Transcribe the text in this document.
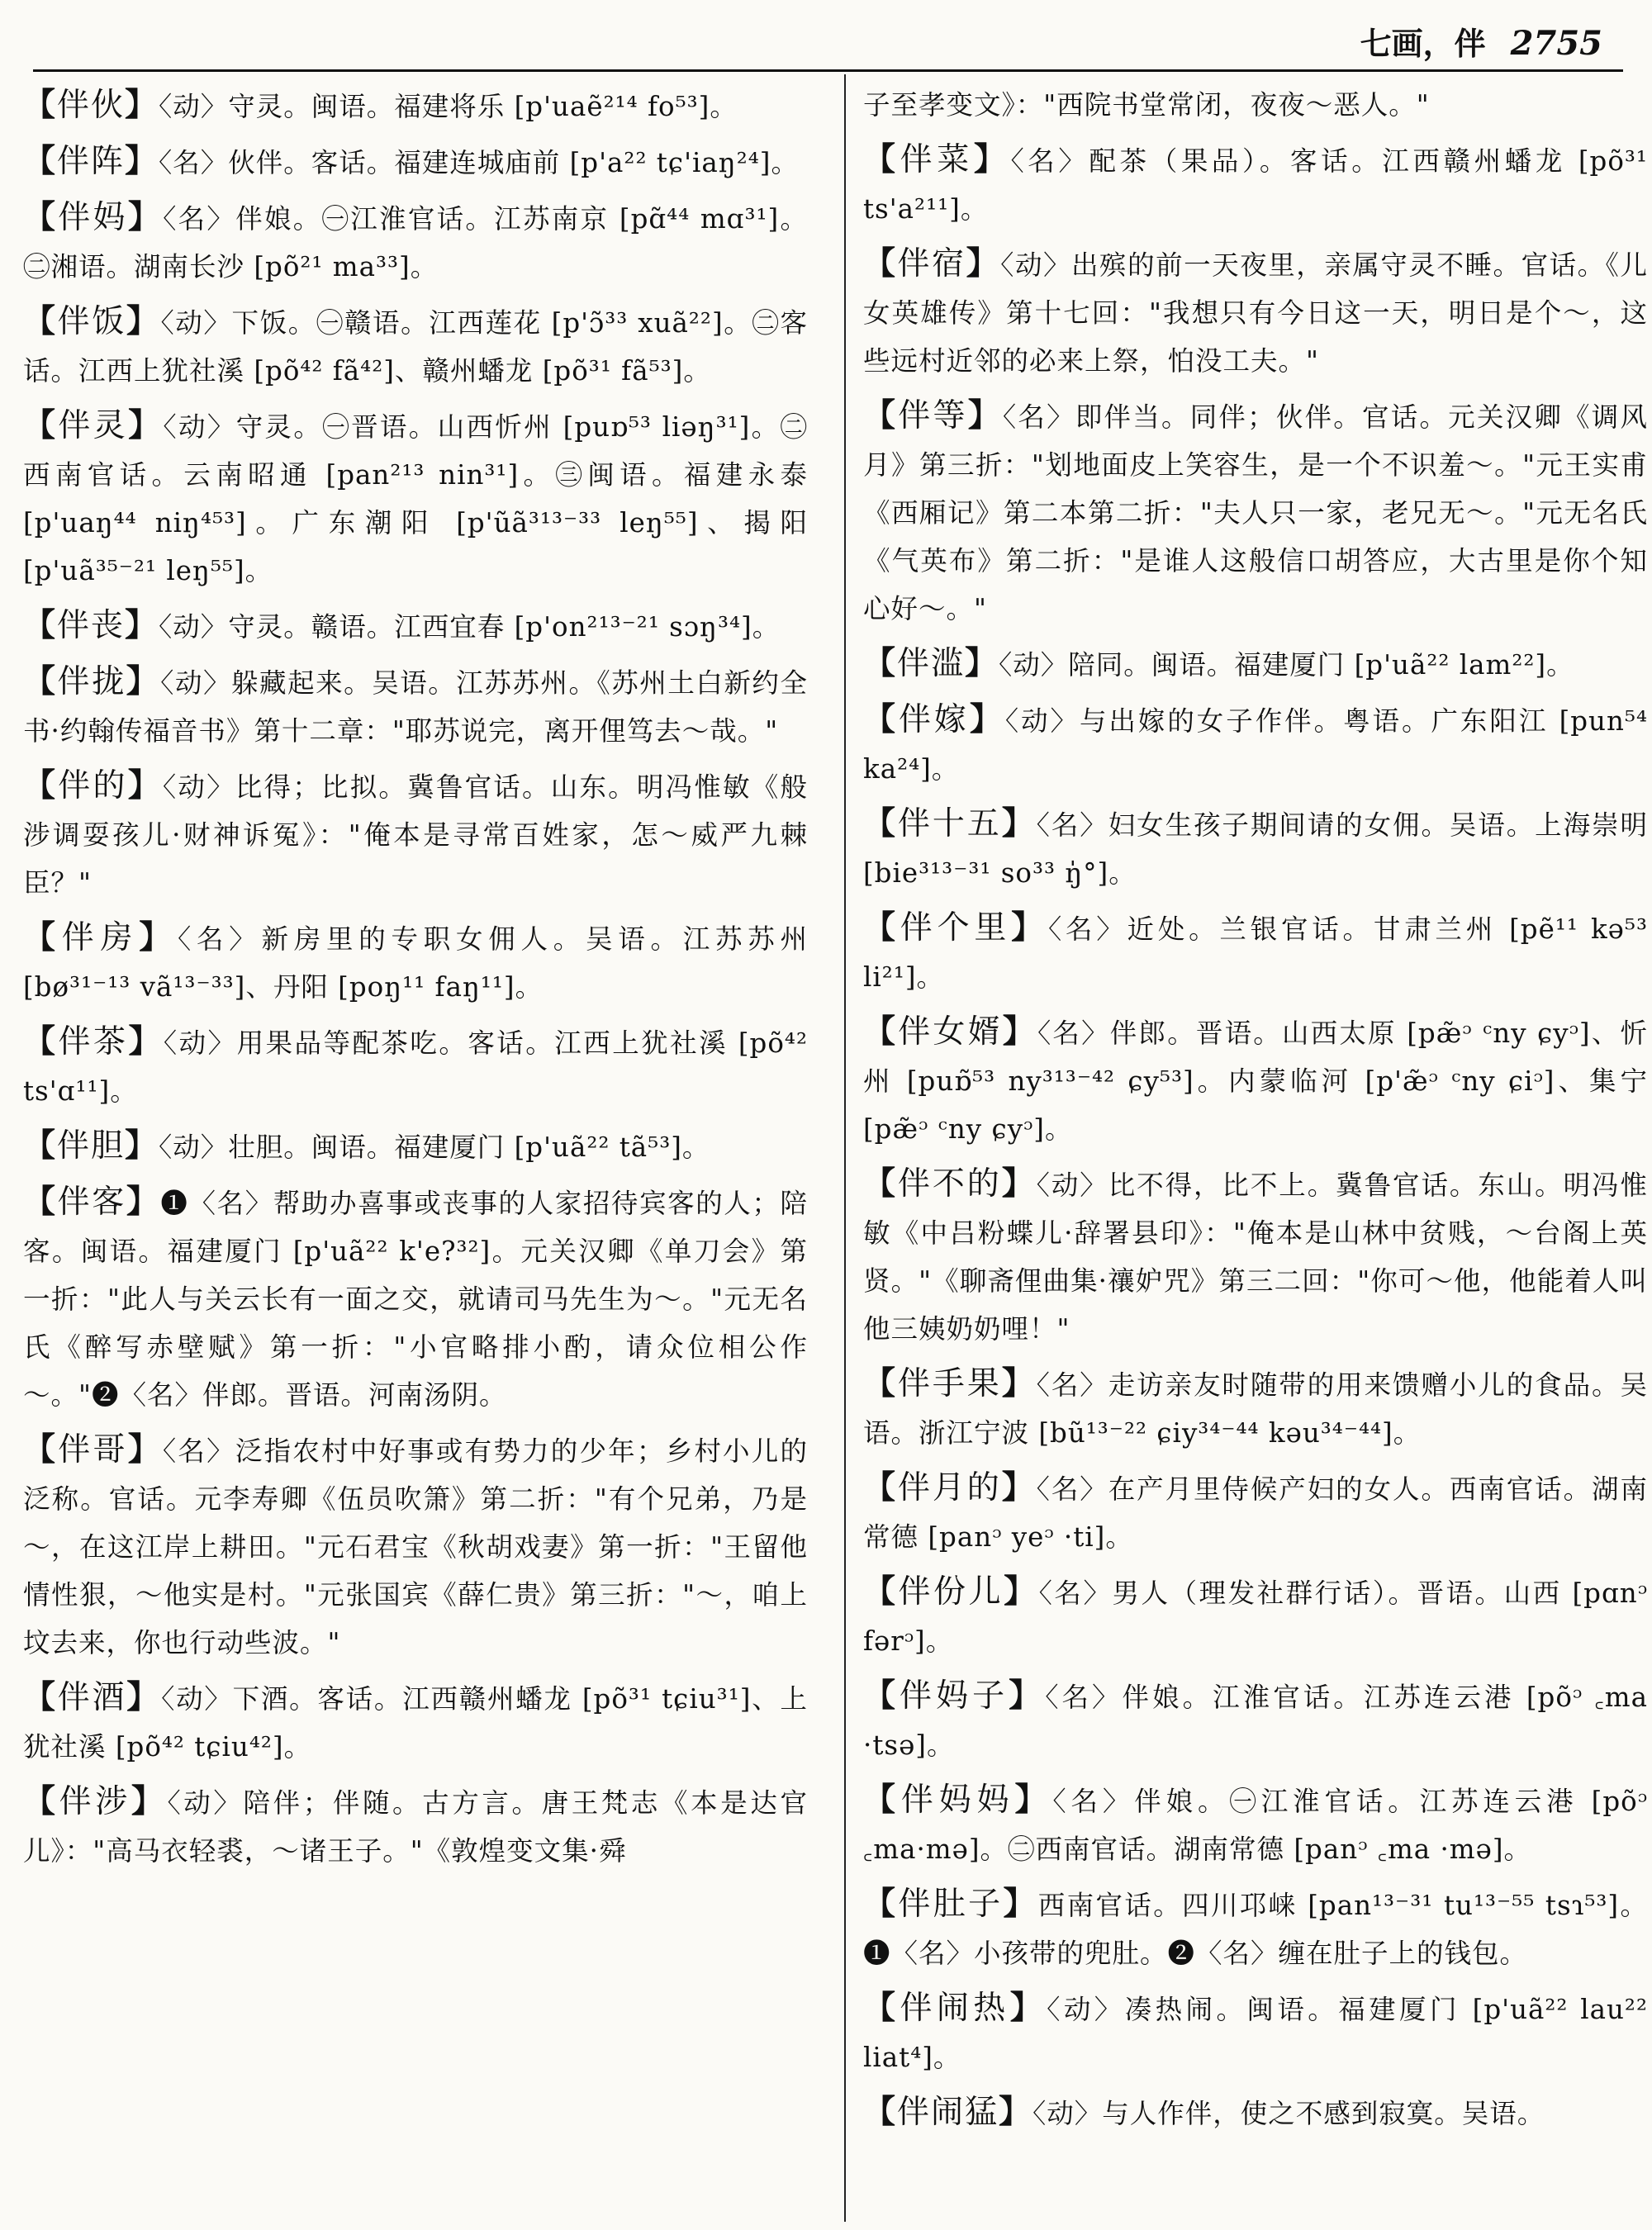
七画，伴 2755
【伴伙】〈动〉守灵。闽语。福建将乐 [p'uaẽ²¹⁴ fo⁵³]。
【伴阵】〈名〉伙伴。客话。福建连城庙前 [p'a²² tɕ'iaŋ²⁴]。
【伴妈】〈名〉伴娘。㊀江淮官话。江苏南京 [pɑ̃⁴⁴ mɑ³¹]。㊁湘语。湖南长沙 [põ²¹ ma³³]。
【伴饭】〈动〉下饭。㊀赣语。江西莲花 [p'ɔ̃³³ xuã²²]。㊁客话。江西上犹社溪 [põ⁴² fã⁴²]、赣州蟠龙 [põ³¹ fã⁵³]。
【伴灵】〈动〉守灵。㊀晋语。山西忻州 [puɒ⁵³ liəŋ³¹]。㊁西南官话。云南昭通 [pan²¹³ nin³¹]。㊂闽语。福建永泰 [p'uaŋ⁴⁴ niŋ⁴⁵³]。广东潮阳 [p'ũã³¹³⁻³³ leŋ⁵⁵]、揭阳 [p'uã³⁵⁻²¹ leŋ⁵⁵]。
【伴丧】〈动〉守灵。赣语。江西宜春 [p'on²¹³⁻²¹ sɔŋ³⁴]。
【伴拢】〈动〉躲藏起来。吴语。江苏苏州。《苏州土白新约全书·约翰传福音书》第十二章："耶苏说完，离开俚笃去～哉。"
【伴的】〈动〉比得；比拟。冀鲁官话。山东。明冯惟敏《般涉调耍孩儿·财神诉冤》："俺本是寻常百姓家，怎～威严九棘臣？"
【伴房】〈名〉新房里的专职女佣人。吴语。江苏苏州 [bø³¹⁻¹³ vã¹³⁻³³]、丹阳 [poŋ¹¹ faŋ¹¹]。
【伴茶】〈动〉用果品等配茶吃。客话。江西上犹社溪 [põ⁴² ts'ɑ¹¹]。
【伴胆】〈动〉壮胆。闽语。福建厦门 [p'uã²² tã⁵³]。
【伴客】❶〈名〉帮助办喜事或丧事的人家招待宾客的人；陪客。闽语。福建厦门 [p'uã²² k'e?³²]。元关汉卿《单刀会》第一折："此人与关云长有一面之交，就请司马先生为～。"元无名氏《醉写赤壁赋》第一折："小官略排小酌，请众位相公作～。"❷〈名〉伴郎。晋语。河南汤阴。
【伴哥】〈名〉泛指农村中好事或有势力的少年；乡村小儿的泛称。官话。元李寿卿《伍员吹箫》第二折："有个兄弟，乃是～，在这江岸上耕田。"元石君宝《秋胡戏妻》第一折："王留他情性狠，～他实是村。"元张国宾《薛仁贵》第三折："～，咱上坟去来，你也行动些波。"
【伴酒】〈动〉下酒。客话。江西赣州蟠龙 [põ³¹ tɕiu³¹]、上犹社溪 [põ⁴² tɕiu⁴²]。
【伴涉】〈动〉陪伴；伴随。古方言。唐王梵志《本是达官儿》："高马衣轻裘，～诸王子。"《敦煌变文集·舜
子至孝变文》："西院书堂常闭，夜夜～恶人。"
【伴菜】〈名〉配茶（果品）。客话。江西赣州蟠龙 [põ³¹ ts'a²¹¹]。
【伴宿】〈动〉出殡的前一天夜里，亲属守灵不睡。官话。《儿女英雄传》第十七回："我想只有今日这一天，明日是个～，这些远村近邻的必来上祭，怕没工夫。"
【伴等】〈名〉即伴当。同伴；伙伴。官话。元关汉卿《调风月》第三折："划地面皮上笑容生，是一个不识羞～。"元王实甫《西厢记》第二本第二折："夫人只一家，老兄无～。"元无名氏《气英布》第二折："是谁人这般信口胡答应，大古里是你个知心好～。"
【伴滥】〈动〉陪同。闽语。福建厦门 [p'uã²² lam²²]。
【伴嫁】〈动〉与出嫁的女子作伴。粤语。广东阳江 [pun⁵⁴ ka²⁴]。
【伴十五】〈名〉妇女生孩子期间请的女佣。吴语。上海崇明 [bie³¹³⁻³¹ so³³ ŋ̍°]。
【伴个里】〈名〉近处。兰银官话。甘肃兰州 [pẽ¹¹ kə⁵³ li²¹]。
【伴女婿】〈名〉伴郎。晋语。山西太原 [pæ̃ᵓ ᶜny ɕyᵓ]、忻州 [puɒ̃⁵³ ny³¹³⁻⁴² ɕy⁵³]。内蒙临河 [p'æ̃ᵓ ᶜny ɕiᵓ]、集宁 [pæ̃ᵓ ᶜny ɕyᵓ]。
【伴不的】〈动〉比不得，比不上。冀鲁官话。东山。明冯惟敏《中吕粉蝶儿·辞署县印》："俺本是山林中贫贱，～台阁上英贤。"《聊斋俚曲集·禳妒咒》第三二回："你可～他，他能着人叫他三姨奶奶哩！"
【伴手果】〈名〉走访亲友时随带的用来馈赠小儿的食品。吴语。浙江宁波 [bũ¹³⁻²² ɕiy³⁴⁻⁴⁴ kəu³⁴⁻⁴⁴]。
【伴月的】〈名〉在产月里侍候产妇的女人。西南官话。湖南常德 [panᵓ yeᵓ ·ti]。
【伴份儿】〈名〉男人（理发社群行话）。晋语。山西 [pɑnᵓ fərᵓ]。
【伴妈子】〈名〉伴娘。江淮官话。江苏连云港 [põᵓ ꜀ma ·tsə]。
【伴妈妈】〈名〉伴娘。㊀江淮官话。江苏连云港 [põᵓ ꜀ma·mə]。㊁西南官话。湖南常德 [panᵓ ꜀ma ·mə]。
【伴肚子】西南官话。四川邛崃 [pan¹³⁻³¹ tu¹³⁻⁵⁵ tsɿ⁵³]。❶〈名〉小孩带的兜肚。❷〈名〉缠在肚子上的钱包。
【伴闹热】〈动〉凑热闹。闽语。福建厦门 [p'uã²² lau²² liat⁴]。
【伴闹猛】〈动〉与人作伴，使之不感到寂寞。吴语。
